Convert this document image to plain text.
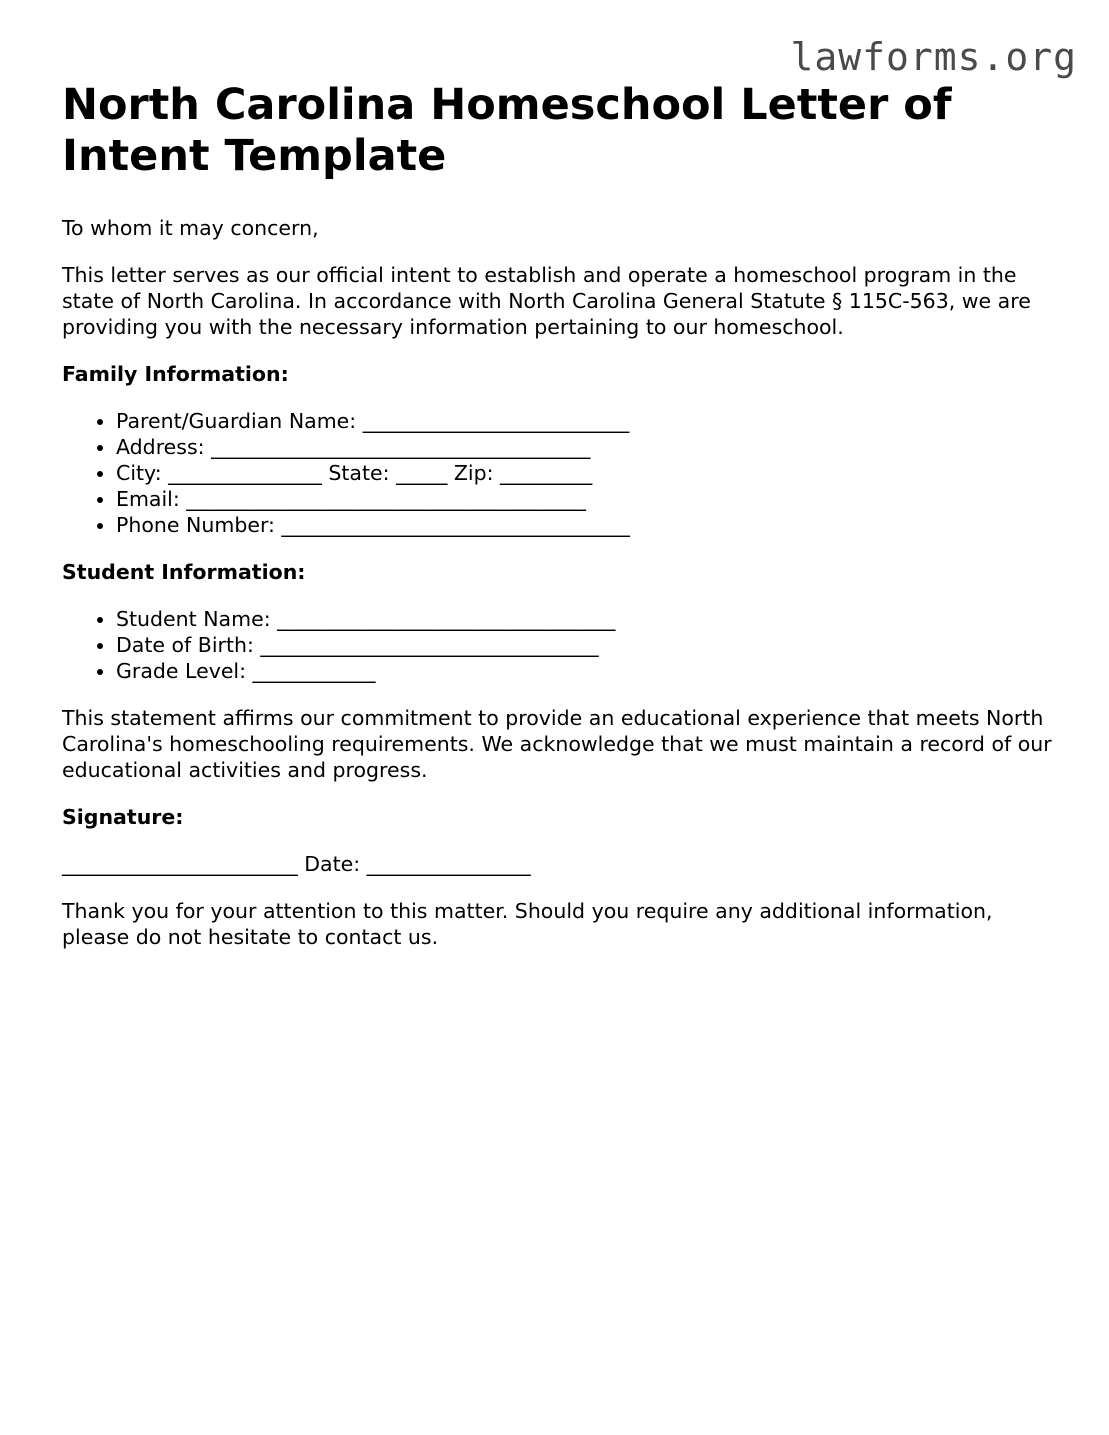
lawforms.org
North Carolina Homeschool Letter of Intent Template

To whom it may concern,

This letter serves as our official intent to establish and operate a homeschool program in the state of North Carolina. In accordance with North Carolina General Statute § 115C-563, we are providing you with the necessary information pertaining to our homeschool.

Family Information:

• Parent/Guardian Name: __________________________
• Address: _____________________________________
• City: _______________ State: _____ Zip: _________
• Email: _______________________________________
• Phone Number: __________________________________

Student Information:

• Student Name: _________________________________
• Date of Birth: _________________________________
• Grade Level: ____________

This statement affirms our commitment to provide an educational experience that meets North Carolina's homeschooling requirements. We acknowledge that we must maintain a record of our educational activities and progress.

Signature:

_______________________ Date: ________________

Thank you for your attention to this matter. Should you require any additional information, please do not hesitate to contact us.
